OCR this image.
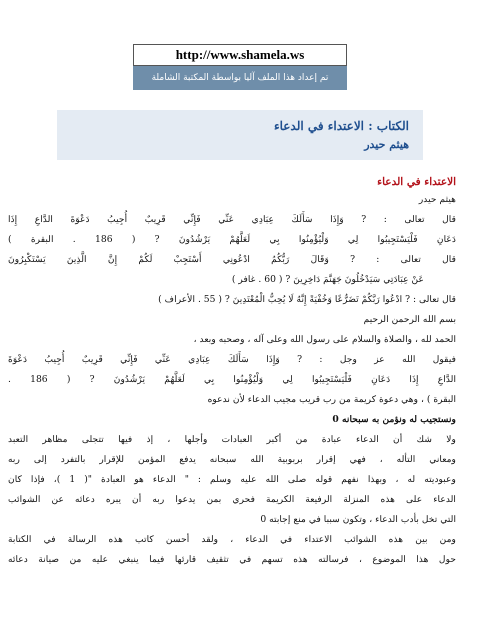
http://www.shamela.ws
تم إعداد هذا الملف آليا بواسطة المكتبة الشاملة
الكتاب : الاعتداء في الدعاء
هيثم حيدر
الاعتداء في الدعاء
هيثم حيدر
قال تعالى : ? وَإِذَا سَأَلَكَ عِبَادِي عَنِّي فَإِنِّي قَرِيبٌ أُجِيبُ دَعْوَةَ الدَّاعِ إِذَا
دَعَانِ فَلْيَسْتَجِيبُوا لِي وَلْيُؤْمِنُوا بِي لَعَلَّهُمْ يَرْشُدُونَ ? ( 186 . البقرة )
قال تعالى : ? وَقَالَ رَبُّكُمُ ادْعُونِي أَسْتَجِبْ لَكُمْ إِنَّ الَّذِينَ يَسْتَكْبِرُونَ
عَنْ عِبَادَتِي سَيَدْخُلُونَ جَهَنَّمَ دَاخِرِينَ ? ( 60 . غافر )
قال تعالى : ? ادْعُوا رَبَّكُمْ تَضَرُّعًا وَخُفْيَةً إِنَّهُ لَا يُحِبُّ الْمُعْتَدِينَ ? ( 55 . الأعراف )
بسم الله الرحمن الرحيم
الحمد لله ، والصلاة والسلام على رسول الله وعلى آله ، وصحبه وبعد ،
فيقول الله عز وجل : ? وَإِذَا سَأَلَكَ عِبَادِي عَنِّي فَإِنِّي قَرِيبٌ أُجِيبُ دَعْوَةَ
الدَّاعِ إِذَا دَعَانِ فَلْيَسْتَجِيبُوا لِي وَلْيُؤْمِنُوا بِي لَعَلَّهُمْ يَرْشُدُونَ ? ( 186 .
البقرة ) ، وهي دعوة كريمة من رب قريب مجيب الدعاء لأن ندعوه
ونستجيب له ونؤمن به سبحانه 0
ولا شك أن الدعاء عبادة من أكبر العبادات وأجلها ، إذ فيها تتجلى مظاهر التعبد
ومعاني التأله ، فهي إقرار بربوبية الله سبحانه يدفع المؤمن للإقرار بالتفرد إلى ربه
وعبوديته له ، وبهذا نفهم قوله صلى الله عليه وسلم : " الدعاء هو العبادة "( 1 )، فإذا كان
الدعاء على هذه المنزلة الرفيعة الكريمة فحري بمن يدعوا ربه أن يبره دعائه عن الشوائب
التي تخل بأدب الدعاء ، وتكون سببا في منع إجابته 0
ومن بين هذه الشوائب الاعتداء في الدعاء ، ولقد أحسن كاتب هذه الرسالة في الكتابة
حول هذا الموضوع ، فرسالته هذه تسهم في تثقيف قارئها فيما ينبغي عليه من صيانة دعائه
